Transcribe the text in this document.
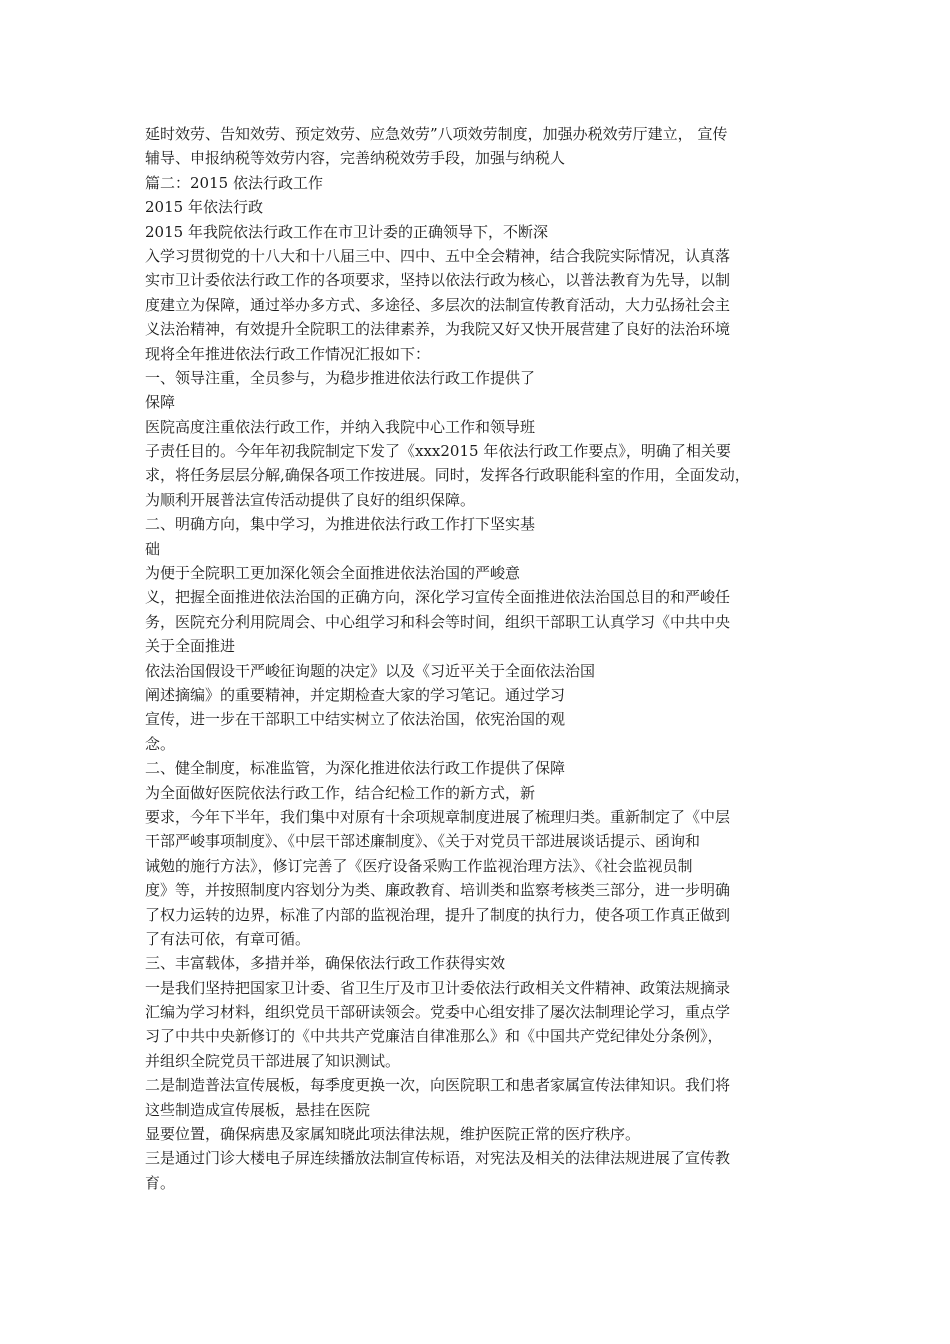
延时效劳、告知效劳、预定效劳、应急效劳”八项效劳制度，加强办税效劳厅建立， 宣传
辅导、申报纳税等效劳内容，完善纳税效劳手段，加强与纳税人
篇二：2015 依法行政工作
2015 年依法行政
2015 年我院依法行政工作在市卫计委的正确领导下，不断深
入学习贯彻党的十八大和十八届三中、四中、五中全会精神，结合我院实际情况，认真落
实市卫计委依法行政工作的各项要求，坚持以依法行政为核心，以普法教育为先导，以制
度建立为保障，通过举办多方式、多途径、多层次的法制宣传教育活动，大力弘扬社会主
义法治精神，有效提升全院职工的法律素养，为我院又好又快开展营建了良好的法治环境
现将全年推进依法行政工作情况汇报如下：
一、领导注重，全员参与，为稳步推进依法行政工作提供了
保障
医院高度注重依法行政工作，并纳入我院中心工作和领导班
子责任目的。今年年初我院制定下发了《xxx2015 年依法行政工作要点》，明确了相关要
求，将任务层层分解,确保各项工作按进展。同时，发挥各行政职能科室的作用，全面发动，
为顺利开展普法宣传活动提供了良好的组织保障。
二、明确方向，集中学习，为推进依法行政工作打下坚实基
础
为便于全院职工更加深化领会全面推进依法治国的严峻意
义，把握全面推进依法治国的正确方向，深化学习宣传全面推进依法治国总目的和严峻任
务，医院充分利用院周会、中心组学习和科会等时间，组织干部职工认真学习《中共中央
关于全面推进
依法治国假设干严峻征询题的决定》以及《习近平关于全面依法治国
阐述摘编》的重要精神，并定期检查大家的学习笔记。通过学习
宣传，进一步在干部职工中结实树立了依法治国，依宪治国的观
念。
二、健全制度，标准监管，为深化推进依法行政工作提供了保障
为全面做好医院依法行政工作，结合纪检工作的新方式，新
要求，今年下半年，我们集中对原有十余项规章制度进展了梳理归类。重新制定了《中层
干部严峻事项制度》、《中层干部述廉制度》、《关于对党员干部进展谈话提示、函询和
诫勉的施行方法》，修订完善了《医疗设备采购工作监视治理方法》、《社会监视员制
度》等，并按照制度内容划分为类、廉政教育、培训类和监察考核类三部分，进一步明确
了权力运转的边界，标准了内部的监视治理，提升了制度的执行力，使各项工作真正做到
了有法可依，有章可循。
三、丰富载体，多措并举，确保依法行政工作获得实效
一是我们坚持把国家卫计委、省卫生厅及市卫计委依法行政相关文件精神、政策法规摘录
汇编为学习材料，组织党员干部研读领会。党委中心组安排了屡次法制理论学习，重点学
习了中共中央新修订的《中共共产党廉洁自律准那么》和《中国共产党纪律处分条例》，
并组织全院党员干部进展了知识测试。
二是制造普法宣传展板，每季度更换一次，向医院职工和患者家属宣传法律知识。我们将
这些制造成宣传展板，悬挂在医院
显要位置，确保病患及家属知晓此项法律法规，维护医院正常的医疗秩序。
三是通过门诊大楼电子屏连续播放法制宣传标语，对宪法及相关的法律法规进展了宣传教
育。
